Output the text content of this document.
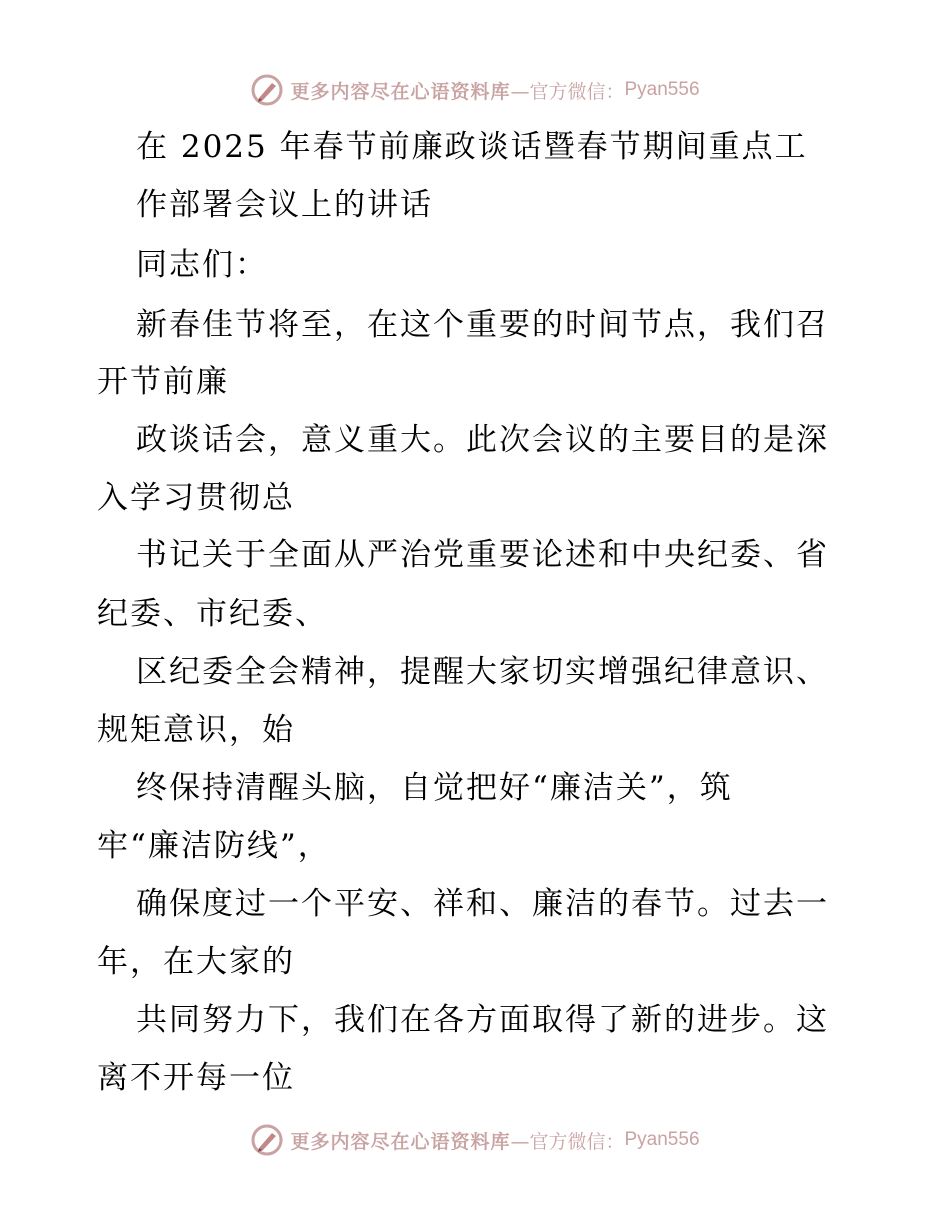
更多内容尽在心语资料库 —官方微信： Pyan556
在 2025 年春节前廉政谈话暨春节期间重点工
作部署会议上的讲话
同志们：
新春佳节将至，在这个重要的时间节点，我们召
开节前廉
政谈话会，意义重大。此次会议的主要目的是深
入学习贯彻总
书记关于全面从严治党重要论述和中央纪委、省
纪委、市纪委、
区纪委全会精神，提醒大家切实增强纪律意识、
规矩意识，始
终保持清醒头脑，自觉把好“廉洁关”，筑
牢“廉洁防线”，
确保度过一个平安、祥和、廉洁的春节。过去一
年，在大家的
共同努力下，我们在各方面取得了新的进步。这
离不开每一位
更多内容尽在心语资料库 —官方微信： Pyan556
